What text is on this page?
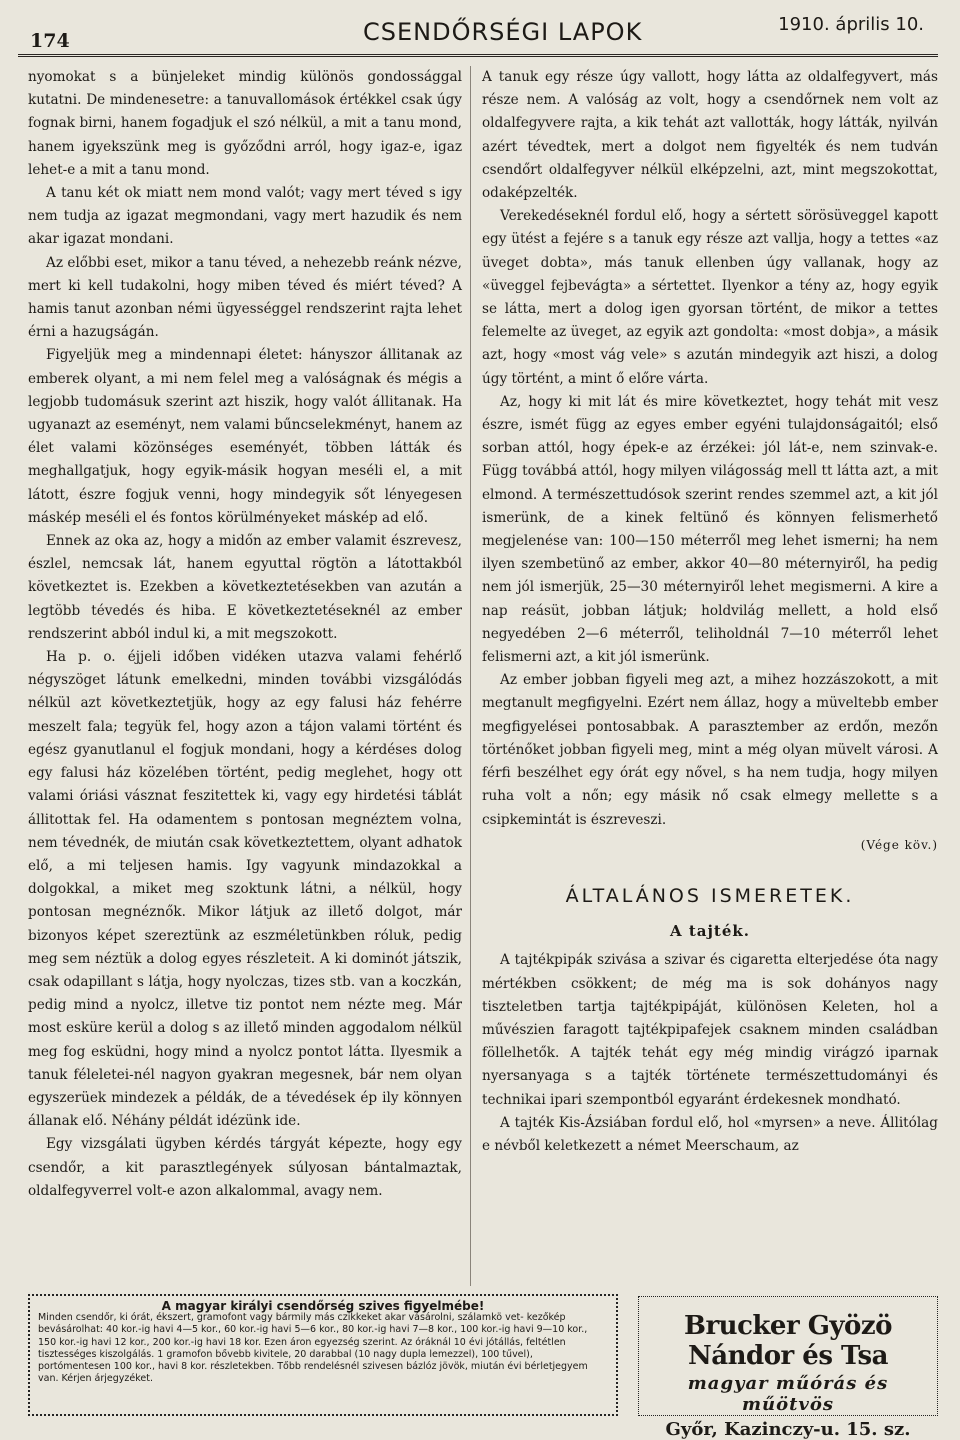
174	CSENDŐRSÉGI LAPOK	1910. április 10.

nyomokat s a bünjeleket mindig különös gondossággal kutatni. De mindenesetre: a tanuvallomások értékkel csak úgy fognak birni, hanem fogadjuk el szó nélkül, a mit a tanu mond, hanem igyekszünk meg is győződni arról, hogy igaz-e, igaz lehet-e a mit a tanu mond.

A tanu két ok miatt nem mond valót; vagy mert téved s igy nem tudja az igazat megmondani, vagy mert hazudik és nem akar igazat mondani.

Az előbbi eset, mikor a tanu téved, a nehezebb reánk nézve, mert ki kell tudakolni, hogy miben téved és miért téved? A hamis tanut azonban némi ügyességgel rendszerint rajta lehet érni a hazugságán.

Figyeljük meg a mindennapi életet: hányszor állitanak az emberek olyant, a mi nem felel meg a valóságnak és mégis a legjobb tudomásuk szerint azt hiszik, hogy valót állitanak. Ha ugyanazt az eseményt, nem valami bűncselekményt, hanem az élet valami közönséges eseményét, többen látták és meghallgatjuk, hogy egyik-másik hogyan meséli el, a mit látott, észre fogjuk venni, hogy mindegyik sőt lényegesen máskép meséli el és fontos körülményeket máskép ad elő.

Ennek az oka az, hogy a midőn az ember valamit észrevesz, észlel, nemcsak lát, hanem egyuttal rögtön a látottakból következtet is. Ezekben a következtetésekben van azután a legtöbb tévedés és hiba. E következtetéseknél az ember rendszerint abból indul ki, a mit megszokott.

Ha p. o. éjjeli időben vidéken utazva valami fehérlő négyszöget látunk emelkedni, minden további vizsgálódás nélkül azt következtetjük, hogy az egy falusi ház fehérre meszelt fala; tegyük fel, hogy azon a tájon valami történt és egész gyanutlanul el fogjuk mondani, hogy a kérdéses dolog egy falusi ház közelében történt, pedig meglehet, hogy ott valami óriási vásznat feszitettek ki, vagy egy hirdetési táblát állitottak fel. Ha odamentem s pontosan megnéztem volna, nem tévednék, de miután csak következtettem, olyant adhatok elő, a mi teljesen hamis. Igy vagyunk mindazokkal a dolgokkal, a miket meg szoktunk látni, a nélkül, hogy pontosan megnéznők. Mikor látjuk az illető dolgot, már bizonyos képet szereztünk az eszméletünkben róluk, pedig meg sem néztük a dolog egyes részleteit. A ki dominót játszik, csak odapillant s látja, hogy nyolczas, tizes stb. van a koczkán, pedig mind a nyolcz, illetve tiz pontot nem nézte meg. Már most esküre kerül a dolog s az illető minden aggodalom nélkül meg fog esküdni, hogy mind a nyolcz pontot látta. Ilyesmik a tanuk féleletei-nél nagyon gyakran megesnek, bár nem olyan egyszerüek mindezek a példák, de a tévedések ép ily könnyen állanak elő. Néhány példát idézünk ide.

Egy vizsgálati ügyben kérdés tárgyát képezte, hogy egy csendőr, a kit parasztlegények súlyosan bántalmaztak, oldalfegyverrel volt-e azon alkalommal, avagy nem.

A tanuk egy része úgy vallott, hogy látta az oldalfegyvert, más része nem. A valóság az volt, hogy a csendőrnek nem volt az oldalfegyvere rajta, a kik tehát azt vallották, hogy látták, nyilván azért tévedtek, mert a dolgot nem figyelték és nem tudván csendőrt oldalfegyver nélkül elképzelni, azt, mint megszokottat, odaképzelték.

Verekedéseknél fordul elő, hogy a sértett sörösüveggel kapott egy ütést a fejére s a tanuk egy része azt vallja, hogy a tettes «az üveget dobta», más tanuk ellenben úgy vallanak, hogy az «üveggel fejbevágta» a sértettet. Ilyenkor a tény az, hogy egyik se látta, mert a dolog igen gyorsan történt, de mikor a tettes felemelte az üveget, az egyik azt gondolta: «most dobja», a másik azt, hogy «most vág vele» s azután mindegyik azt hiszi, a dolog úgy történt, a mint ő előre várta.

Az, hogy ki mit lát és mire következtet, hogy tehát mit vesz észre, ismét függ az egyes ember egyéni tulajdonságaitól; első sorban attól, hogy épek-e az érzékei: jól lát-e, nem szinvak-e. Függ továbbá attól, hogy milyen világosság mell tt látta azt, a mit elmond. A természettudósok szerint rendes szemmel azt, a kit jól ismerünk, de a kinek feltünő és könnyen felismerhető megjelenése van: 100—150 méterről meg lehet ismerni; ha nem ilyen szembetünő az ember, akkor 40—80 méternyiről, ha pedig nem jól ismerjük, 25—30 méternyiről lehet megismerni. A kire a nap reásüt, jobban látjuk; holdvilág mellett, a hold első negyedében 2—6 méterről, teliholdnál 7—10 méterről lehet felismerni azt, a kit jól ismerünk.

Az ember jobban figyeli meg azt, a mihez hozzászokott, a mit megtanult megfigyelni. Ezért nem állaz, hogy a müveltebb ember megfigyelései pontosabbak. A parasztember az erdőn, mezőn történőket jobban figyeli meg, mint a még olyan müvelt városi. A férfi beszélhet egy órát egy nővel, s ha nem tudja, hogy milyen ruha volt a nőn; egy másik nő csak elmegy mellette s a csipkemintát is észreveszi.

(Vége köv.)
ÁLTALÁNOS ISMERETEK.
A tajték.

A tajtékpipák szivása a szivar és cigaretta elterjedése óta nagy mértékben csökkent; de még ma is sok dohányos nagy tiszteletben tartja tajtékpipáját, különösen Keleten, hol a művészien faragott tajtékpipafejek csaknem minden családban föllelhetők. A tajték tehát egy még mindig virágzó iparnak nyersanyaga s a tajték története természettudományi és technikai ipari szempontból egyaránt érdekesnek mondható.

A tajték Kis-Ázsiában fordul elő, hol «myrsen» a neve. Állitólag e névből keletkezett a német Meerschaum, az

A magyar királyi csendőrség szives figyelmébe!
Minden csendőr, ki órát, ékszert, gramofont vagy bármily más czikkeket akar vásárolni, szálamkö vet- kezőkép bevásárolhat: 40 kor.-ig havi 4—5 kor., 60 kor.-ig havi 5—6 kor., 80 kor.-ig havi 7—8 kor., 100 kor.-ig havi 9—10 kor., 150 kor.-ig havi 12 kor., 200 kor.-ig havi 18 kor. Ezen áron egyezség szerint. Az óráknál 10 évi jótállás, feltétlen tisztességes kiszolgálás. 1 gramofon bővebb kivitele, 20 darabbal (10 nagy dupla lemezzel), 100 tűvel), portómentesen 100 kor., havi 8 kor. részletekben. Tőbb rendelésnél szivesen bázlóz jövök, miután évi bérletjegyem van. Kérjen árjegyzéket.
Brucker Gyözö Nándor és Tsa
magyar műórás és műötvös
Győr, Kazinczy-u. 15. sz.
